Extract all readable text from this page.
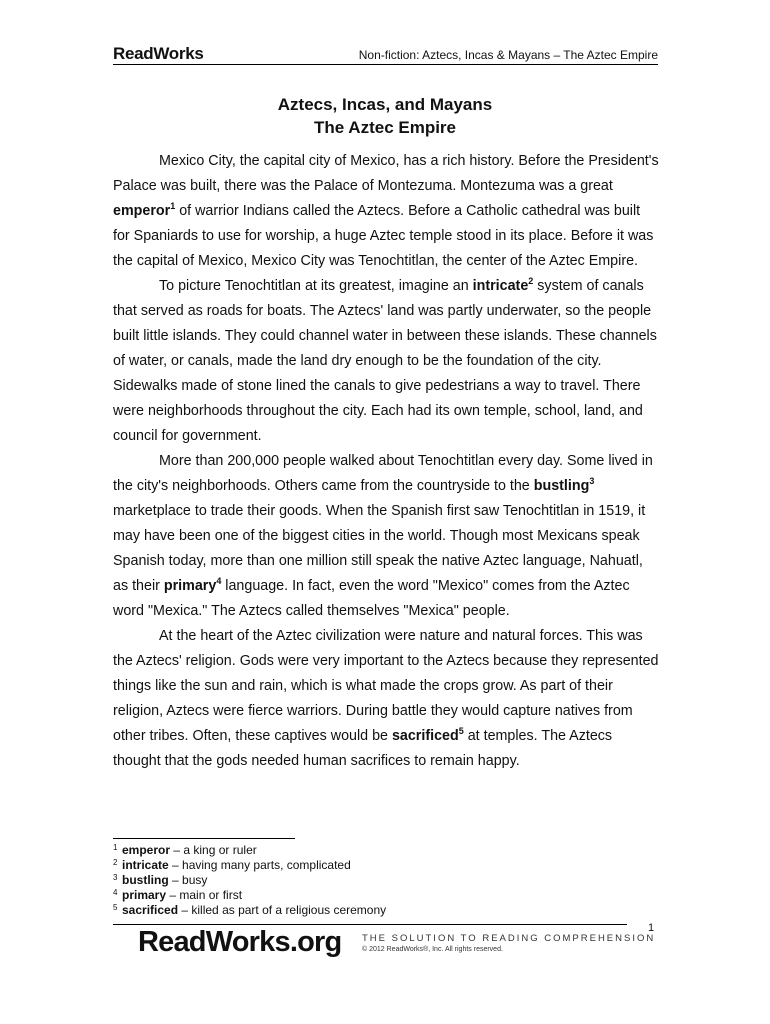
ReadWorks	Non-fiction: Aztecs, Incas & Mayans – The Aztec Empire
Aztecs, Incas, and Mayans
The Aztec Empire

Mexico City, the capital city of Mexico, has a rich history. Before the President's Palace was built, there was the Palace of Montezuma. Montezuma was a great emperor$^1$ of warrior Indians called the Aztecs. Before a Catholic cathedral was built for Spaniards to use for worship, a huge Aztec temple stood in its place. Before it was the capital of Mexico, Mexico City was Tenochtitlan, the center of the Aztec Empire.

To picture Tenochtitlan at its greatest, imagine an intricate$^2$ system of canals that served as roads for boats. The Aztecs' land was partly underwater, so the people built little islands. They could channel water in between these islands. These channels of water, or canals, made the land dry enough to be the foundation of the city. Sidewalks made of stone lined the canals to give pedestrians a way to travel. There were neighborhoods throughout the city. Each had its own temple, school, land, and council for government.

More than 200,000 people walked about Tenochtitlan every day. Some lived in the city's neighborhoods. Others came from the countryside to the bustling$^3$ marketplace to trade their goods. When the Spanish first saw Tenochtitlan in 1519, it may have been one of the biggest cities in the world. Though most Mexicans speak Spanish today, more than one million still speak the native Aztec language, Nahuatl, as their primary$^4$ language. In fact, even the word "Mexico" comes from the Aztec word "Mexica." The Aztecs called themselves "Mexica" people.

At the heart of the Aztec civilization were nature and natural forces. This was the Aztecs' religion. Gods were very important to the Aztecs because they represented things like the sun and rain, which is what made the crops grow. As part of their religion, Aztecs were fierce warriors. During battle they would capture natives from other tribes. Often, these captives would be sacrificed$^5$ at temples. The Aztecs thought that the gods needed human sacrifices to remain happy.

1 emperor – a king or ruler
2 intricate – having many parts, complicated
3 bustling – busy
4 primary – main or first
5 sacrificed – killed as part of a religious ceremony
1
ReadWorks.org THE SOLUTION TO READING COMPREHENSION
© 2012 ReadWorks®, Inc. All rights reserved.
